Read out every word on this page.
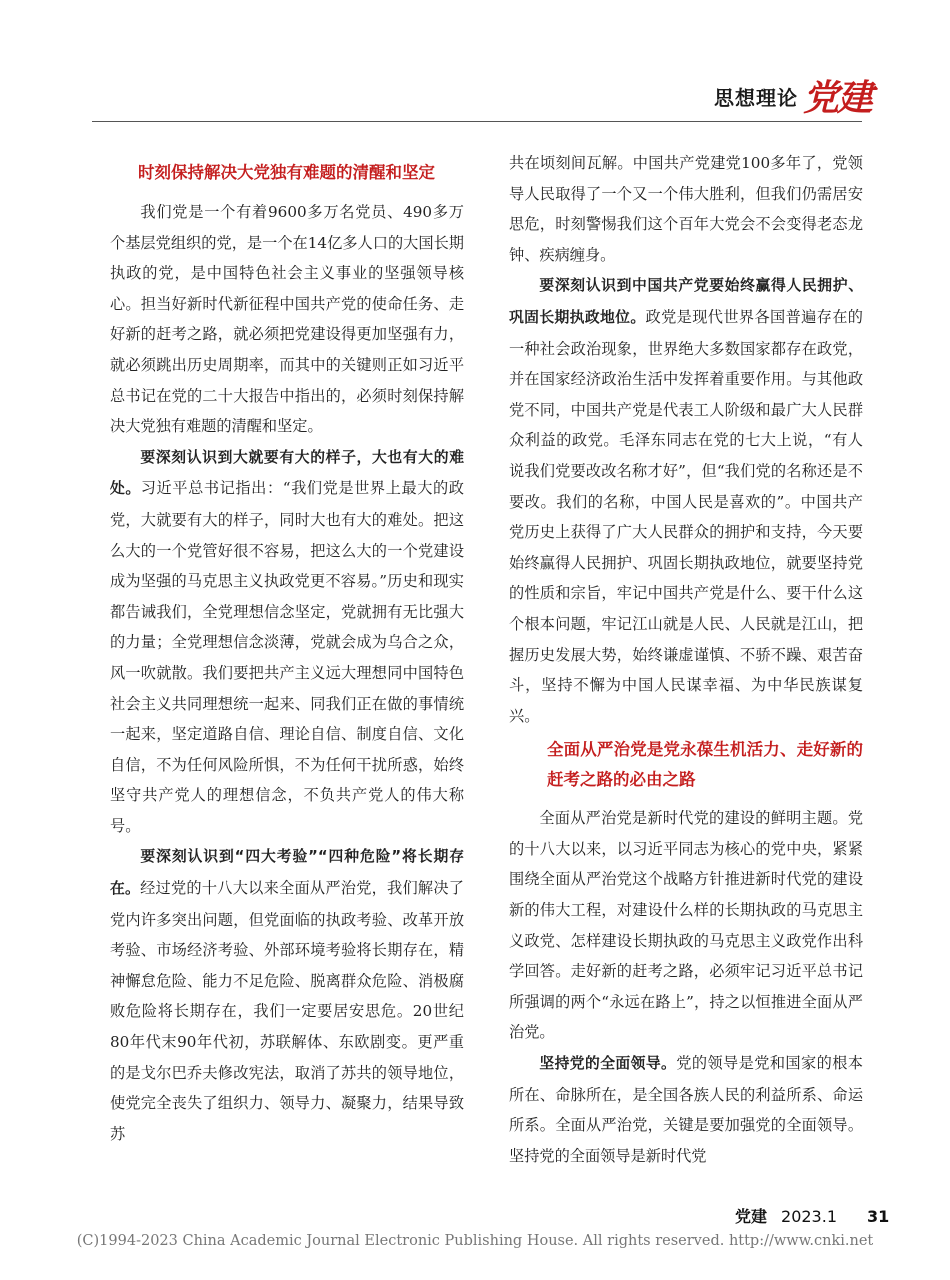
思想理论 党建
时刻保持解决大党独有难题的清醒和坚定

我们党是一个有着9600多万名党员、490多万个基层党组织的党，是一个在14亿多人口的大国长期执政的党，是中国特色社会主义事业的坚强领导核心。担当好新时代新征程中国共产党的使命任务、走好新的赶考之路，就必须把党建设得更加坚强有力，就必须跳出历史周期率，而其中的关键则正如习近平总书记在党的二十大报告中指出的，必须时刻保持解决大党独有难题的清醒和坚定。

要深刻认识到大就要有大的样子，大也有大的难处。习近平总书记指出：“我们党是世界上最大的政党，大就要有大的样子，同时大也有大的难处。把这么大的一个党管好很不容易，把这么大的一个党建设成为坚强的马克思主义执政党更不容易。”历史和现实都告诫我们，全党理想信念坚定，党就拥有无比强大的力量；全党理想信念淡薄，党就会成为乌合之众，风一吹就散。我们要把共产主义远大理想同中国特色社会主义共同理想统一起来、同我们正在做的事情统一起来，坚定道路自信、理论自信、制度自信、文化自信，不为任何风险所惧，不为任何干扰所惑，始终坚守共产党人的理想信念，不负共产党人的伟大称号。

要深刻认识到“四大考验”“四种危险”将长期存在。经过党的十八大以来全面从严治党，我们解决了党内许多突出问题，但党面临的执政考验、改革开放考验、市场经济考验、外部环境考验将长期存在，精神懈怠危险、能力不足危险、脱离群众危险、消极腐败危险将长期存在，我们一定要居安思危。20世纪80年代末90年代初，苏联解体、东欧剧变。更严重的是戈尔巴乔夫修改宪法，取消了苏共的领导地位，使党完全丧失了组织力、领导力、凝聚力，结果导致苏

共在顷刻间瓦解。中国共产党建党100多年了，党领导人民取得了一个又一个伟大胜利，但我们仍需居安思危，时刻警惕我们这个百年大党会不会变得老态龙钟、疾病缠身。

要深刻认识到中国共产党要始终赢得人民拥护、巩固长期执政地位。政党是现代世界各国普遍存在的一种社会政治现象，世界绝大多数国家都存在政党，并在国家经济政治生活中发挥着重要作用。与其他政党不同，中国共产党是代表工人阶级和最广大人民群众利益的政党。毛泽东同志在党的七大上说，“有人说我们党要改改名称才好”，但“我们党的名称还是不要改。我们的名称，中国人民是喜欢的”。中国共产党历史上获得了广大人民群众的拥护和支持，今天要始终赢得人民拥护、巩固长期执政地位，就要坚持党的性质和宗旨，牢记中国共产党是什么、要干什么这个根本问题，牢记江山就是人民、人民就是江山，把握历史发展大势，始终谦虚谨慎、不骄不躁、艰苦奋斗，坚持不懈为中国人民谋幸福、为中华民族谋复兴。

全面从严治党是党永葆生机活力、走好新的赶考之路的必由之路

全面从严治党是新时代党的建设的鲜明主题。党的十八大以来，以习近平同志为核心的党中央，紧紧围绕全面从严治党这个战略方针推进新时代党的建设新的伟大工程，对建设什么样的长期执政的马克思主义政党、怎样建设长期执政的马克思主义政党作出科学回答。走好新的赶考之路，必须牢记习近平总书记所强调的两个“永远在路上”，持之以恒推进全面从严治党。

坚持党的全面领导。党的领导是党和国家的根本所在、命脉所在，是全国各族人民的利益所系、命运所系。全面从严治党，关键是要加强党的全面领导。坚持党的全面领导是新时代党

党建 2023.1 31
(C)1994-2023 China Academic Journal Electronic Publishing House. All rights reserved. http://www.cnki.net
